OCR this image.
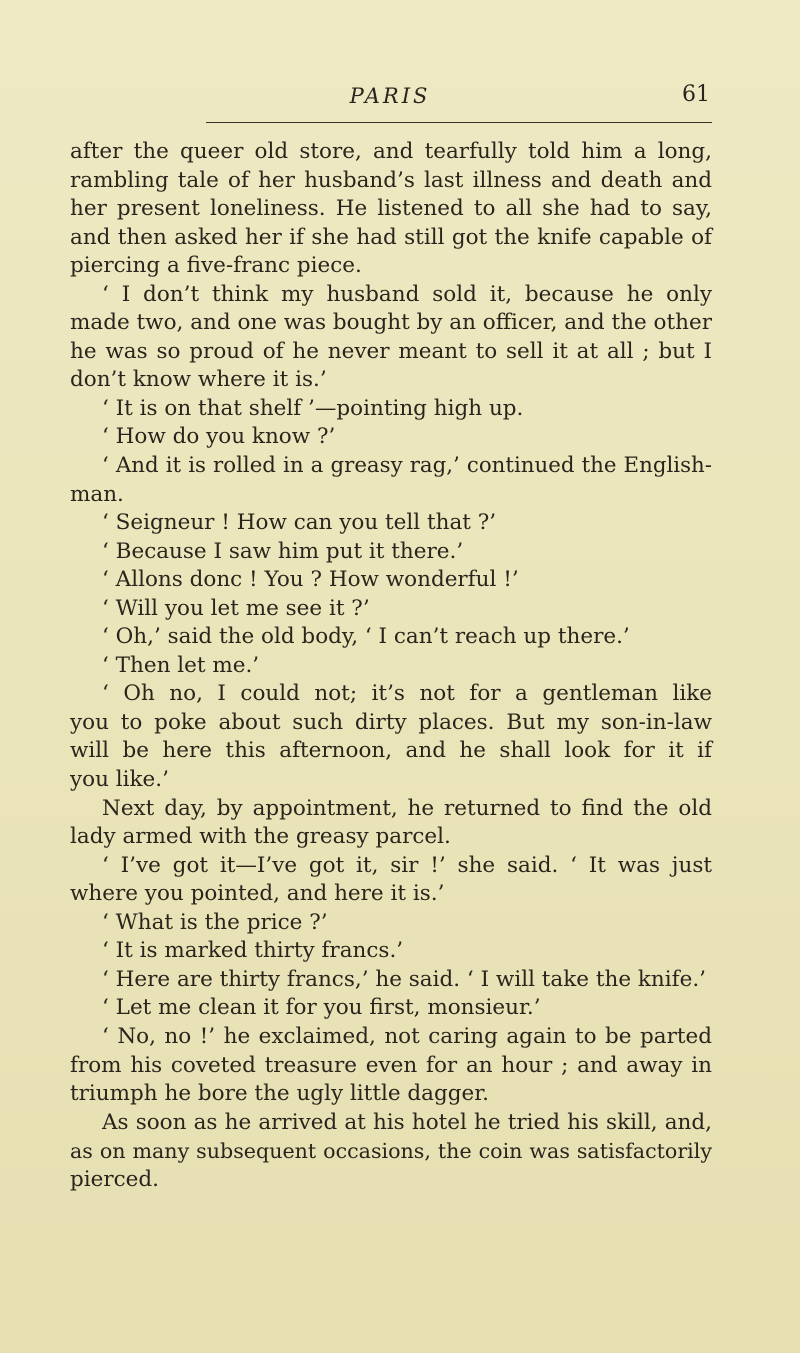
PARIS	61
after the queer old store, and tearfully told him a long,
rambling tale of her husband’s last illness and death and
her present loneliness. He listened to all she had to say,
and then asked her if she had still got the knife capable of
piercing a five-franc piece.
‘ I don’t think my husband sold it, because he only
made two, and one was bought by an officer, and the other
he was so proud of he never meant to sell it at all ; but I
don’t know where it is.’
‘ It is on that shelf ’—pointing high up.
‘ How do you know ?’
‘ And it is rolled in a greasy rag,’ continued the English-
man.
‘ Seigneur ! How can you tell that ?’
‘ Because I saw him put it there.’
‘ Allons donc ! You ? How wonderful !’
‘ Will you let me see it ?’
‘ Oh,’ said the old body, ‘ I can’t reach up there.’
‘ Then let me.’
‘ Oh no, I could not; it’s not for a gentleman like
you to poke about such dirty places. But my son-in-law
will be here this afternoon, and he shall look for it if
you like.’
Next day, by appointment, he returned to find the old
lady armed with the greasy parcel.
‘ I’ve got it—I’ve got it, sir !’ she said. ‘ It was just
where you pointed, and here it is.’
‘ What is the price ?’
‘ It is marked thirty francs.’
‘ Here are thirty francs,’ he said. ‘ I will take the knife.’
‘ Let me clean it for you first, monsieur.’
‘ No, no !’ he exclaimed, not caring again to be parted
from his coveted treasure even for an hour ; and away in
triumph he bore the ugly little dagger.
As soon as he arrived at his hotel he tried his skill, and,
as on many subsequent occasions, the coin was satisfactorily
pierced.
